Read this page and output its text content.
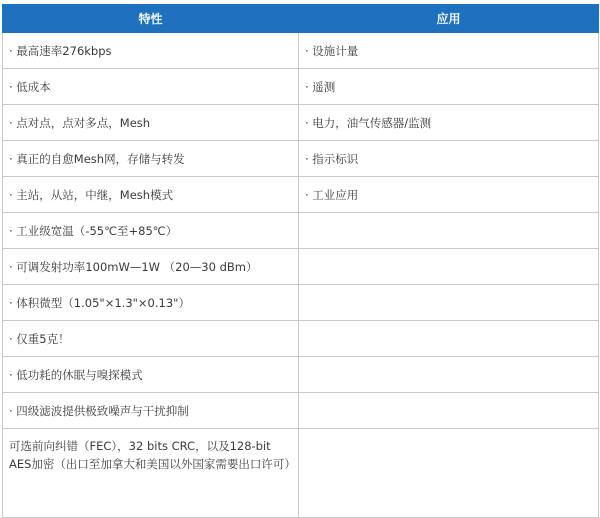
特性	应用
· 最高速率276kbps	· 设施计量
· 低成本	· 遥测
· 点对点，点对多点，Mesh	· 电力，油气传感器/监测
· 真正的自愈Mesh网，存储与转发	· 指示标识
· 主站，从站，中继，Mesh模式	· 工业应用
· 工业级宽温（-55℃至+85℃）	
· 可调发射功率100mW—1W （20—30 dBm）	
· 体积微型（1.05"×1.3"×0.13"）	
· 仅重5克！	
· 低功耗的休眠与嗅探模式	
· 四级滤波提供极致噪声与干扰抑制	
可选前向纠错（FEC），32 bits CRC，以及128-bit AES加密（出口至加拿大和美国以外国家需要出口许可）	
